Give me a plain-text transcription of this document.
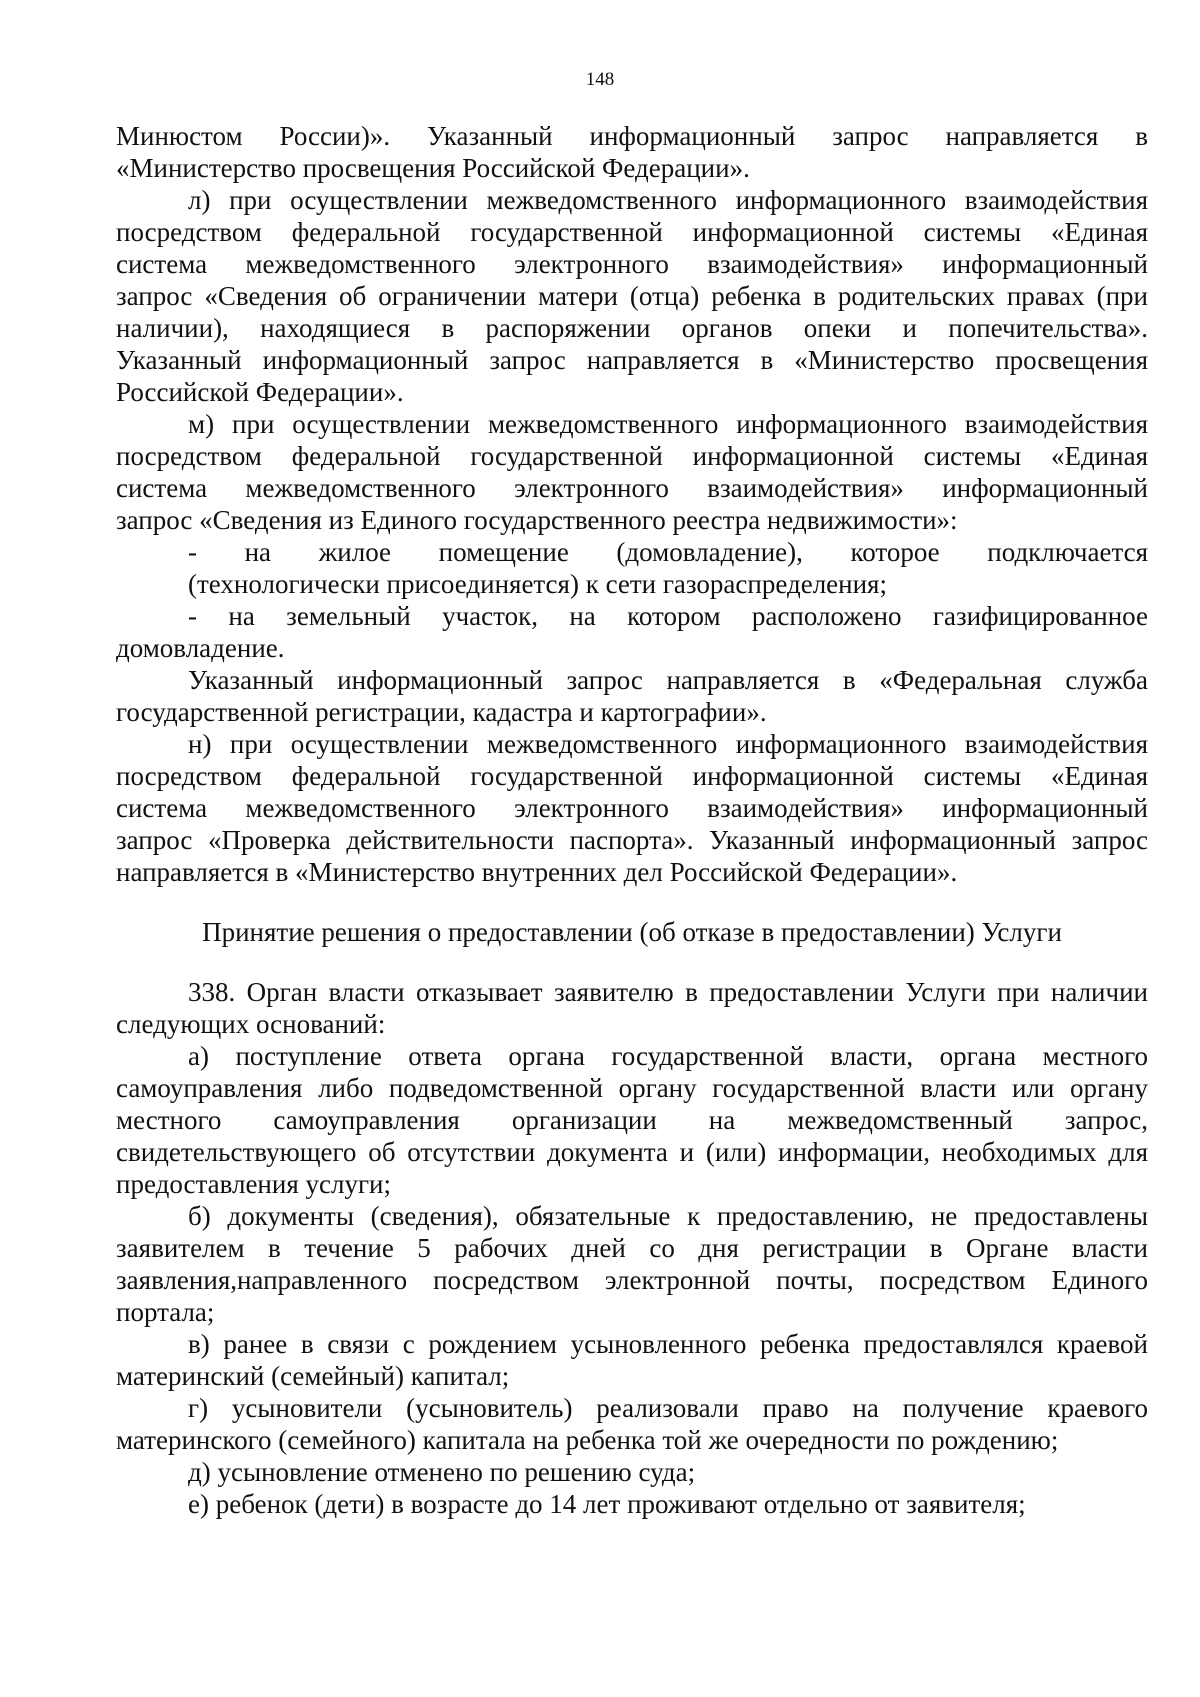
148
Минюстом России)». Указанный информационный запрос направляется в
«Министерство просвещения Российской Федерации».
л) при осуществлении межведомственного информационного взаимодействия
посредством федеральной государственной информационной системы «Единая
система межведомственного электронного взаимодействия» информационный
запрос «Сведения об ограничении матери (отца) ребенка в родительских правах (при
наличии), находящиеся в распоряжении органов опеки и попечительства».
Указанный информационный запрос направляется в «Министерство просвещения
Российской Федерации».
м) при осуществлении межведомственного информационного взаимодействия
посредством федеральной государственной информационной системы «Единая
система межведомственного электронного взаимодействия» информационный
запрос «Сведения из Единого государственного реестра недвижимости»:
- на жилое помещение (домовладение), которое подключается
(технологически присоединяется) к сети газораспределения;
- на земельный участок, на котором расположено газифицированное
домовладение.
Указанный информационный запрос направляется в «Федеральная служба
государственной регистрации, кадастра и картографии».
н) при осуществлении межведомственного информационного взаимодействия
посредством федеральной государственной информационной системы «Единая
система межведомственного электронного взаимодействия» информационный
запрос «Проверка действительности паспорта». Указанный информационный запрос
направляется в «Министерство внутренних дел Российской Федерации».
Принятие решения о предоставлении (об отказе в предоставлении) Услуги
338. Орган власти отказывает заявителю в предоставлении Услуги при наличии
следующих оснований:
а) поступление ответа органа государственной власти, органа местного
самоуправления либо подведомственной органу государственной власти или органу
местного самоуправления организации на межведомственный запрос,
свидетельствующего об отсутствии документа и (или) информации, необходимых для
предоставления услуги;
б) документы (сведения), обязательные к предоставлению, не предоставлены
заявителем в течение 5 рабочих дней со дня регистрации в Органе власти
заявления,направленного посредством электронной почты, посредством Единого
портала;
в) ранее в связи с рождением усыновленного ребенка предоставлялся краевой
материнский (семейный) капитал;
г) усыновители (усыновитель) реализовали право на получение краевого
материнского (семейного) капитала на ребенка той же очередности по рождению;
д) усыновление отменено по решению суда;
е) ребенок (дети) в возрасте до 14 лет проживают отдельно от заявителя;
